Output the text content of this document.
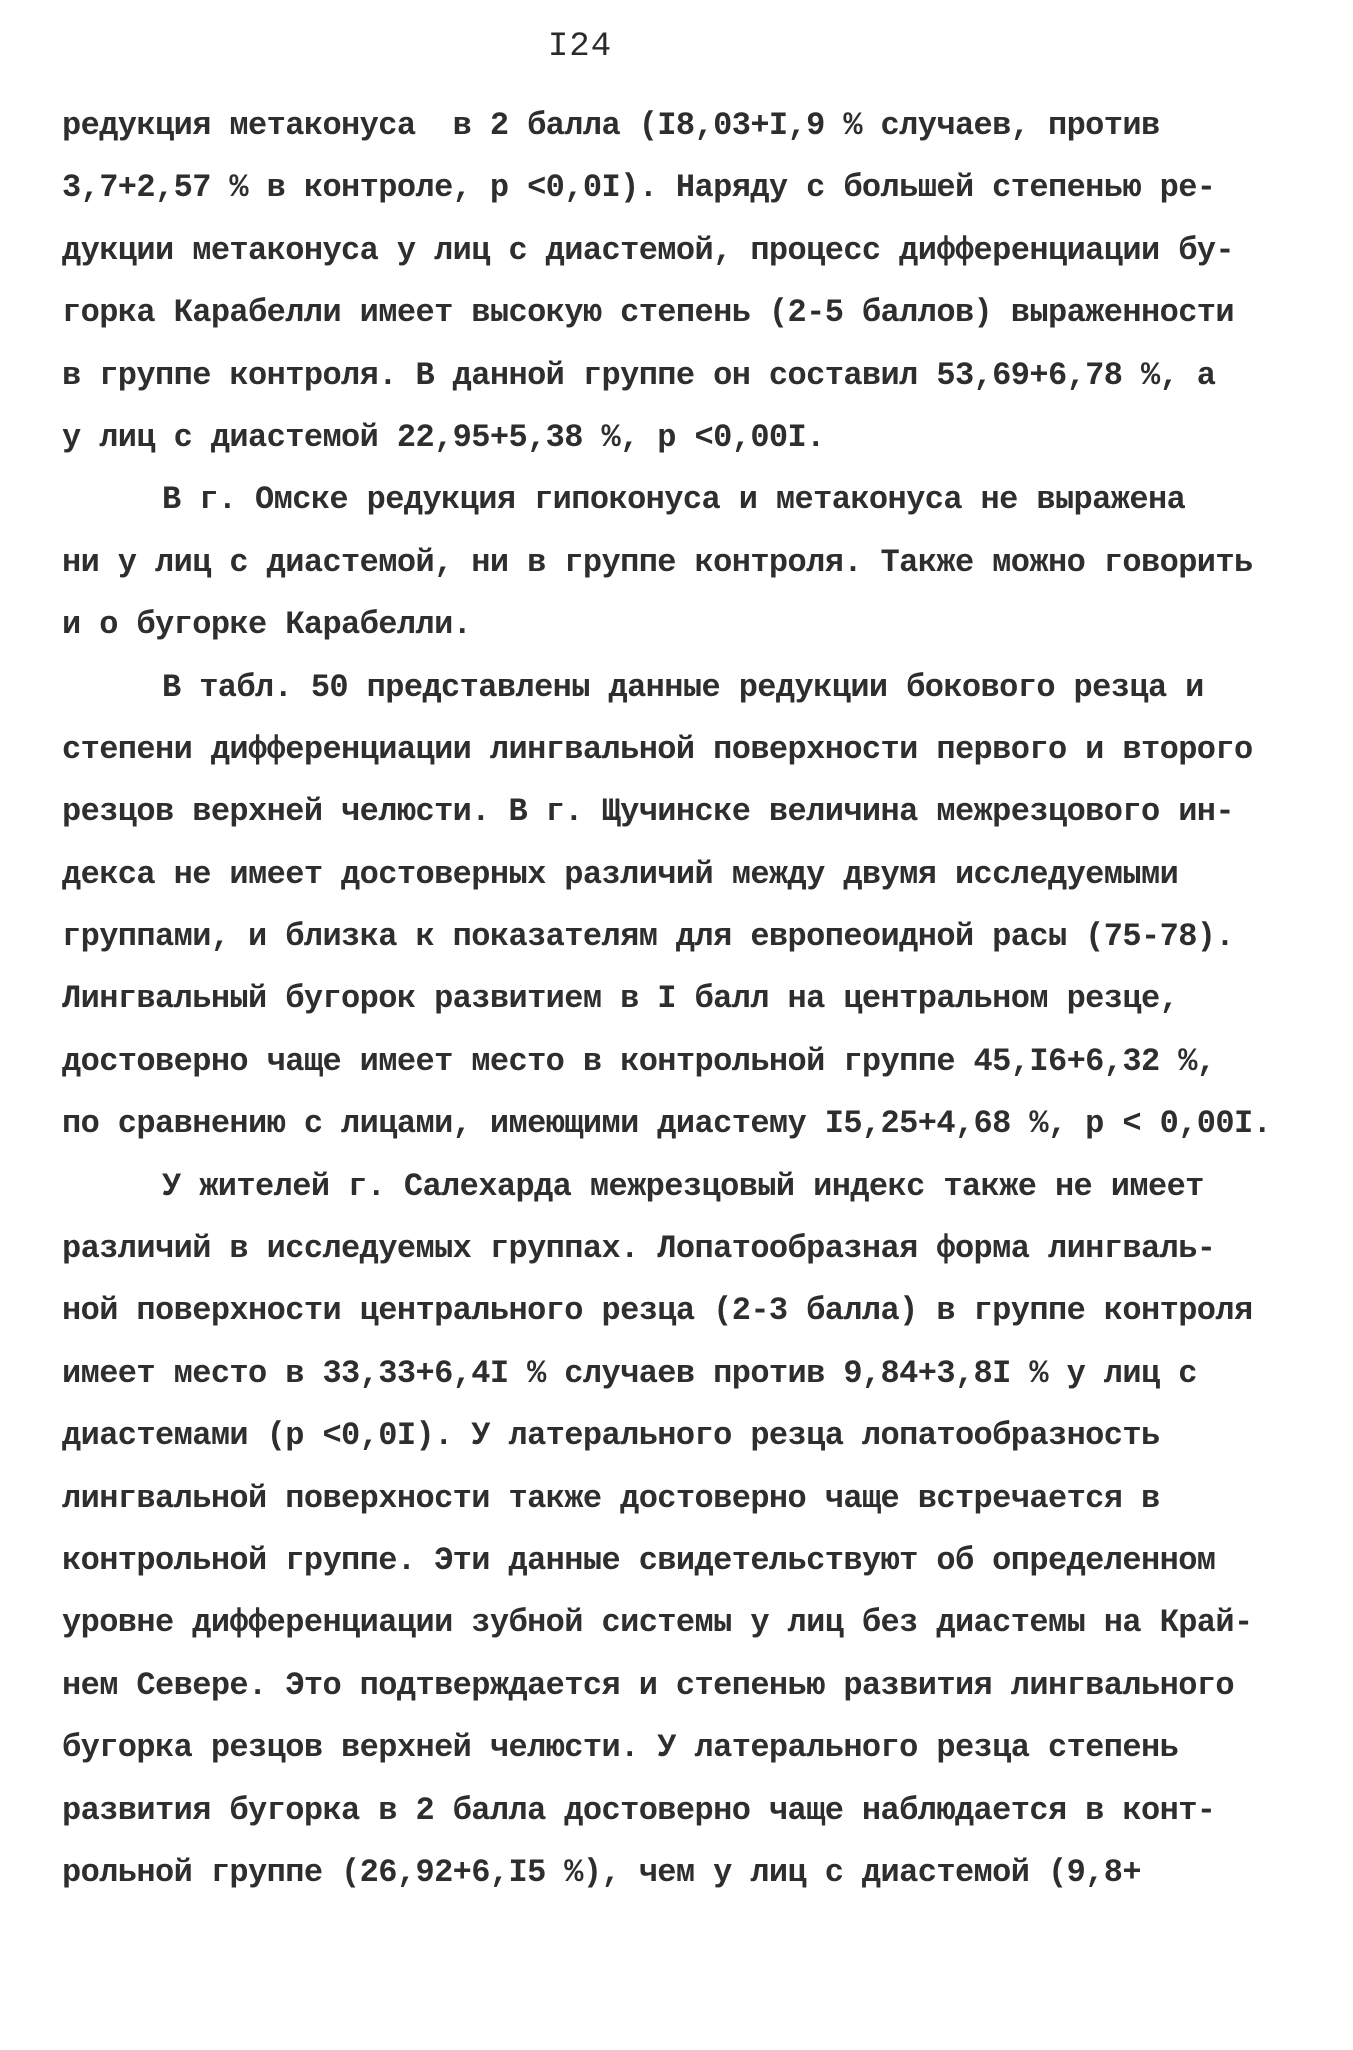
I24
редукция метаконуса  в 2 балла (I8,03+I,9 % случаев, против
3,7+2,57 % в контроле, р <0,0I). Наряду с большей степенью ре-
дукции метаконуса у лиц с диастемой, процесс дифференциации бу-
горка Карабелли имеет высокую степень (2-5 баллов) выраженности
в группе контроля. В данной группе он составил 53,69+6,78 %, а
у лиц с диастемой 22,95+5,38 %, р <0,00I.
В г. Омске редукция гипоконуса и метаконуса не выражена
ни у лиц с диастемой, ни в группе контроля. Также можно говорить
и о бугорке Карабелли.
В табл. 50 представлены данные редукции бокового резца и
степени дифференциации лингвальной поверхности первого и второго
резцов верхней челюсти. В г. Щучинске величина межрезцового ин-
декса не имеет достоверных различий между двумя исследуемыми
группами, и близка к показателям для европеоидной расы (75-78).
Лингвальный бугорок развитием в I балл на центральном резце,
достоверно чаще имеет место в контрольной группе 45,I6+6,32 %,
по сравнению с лицами, имеющими диастему I5,25+4,68 %, р < 0,00I.
У жителей г. Салехарда межрезцовый индекс также не имеет
различий в исследуемых группах. Лопатообразная форма лингваль-
ной поверхности центрального резца (2-3 балла) в группе контроля
имеет место в 33,33+6,4I % случаев против 9,84+3,8I % у лиц с
диастемами (р <0,0I). У латерального резца лопатообразность
лингвальной поверхности также достоверно чаще встречается в
контрольной группе. Эти данные свидетельствуют об определенном
уровне дифференциации зубной системы у лиц без диастемы на Край-
нем Севере. Это подтверждается и степенью развития лингвального
бугорка резцов верхней челюсти. У латерального резца степень
развития бугорка в 2 балла достоверно чаще наблюдается в конт-
рольной группе (26,92+6,I5 %), чем у лиц с диастемой (9,8+
